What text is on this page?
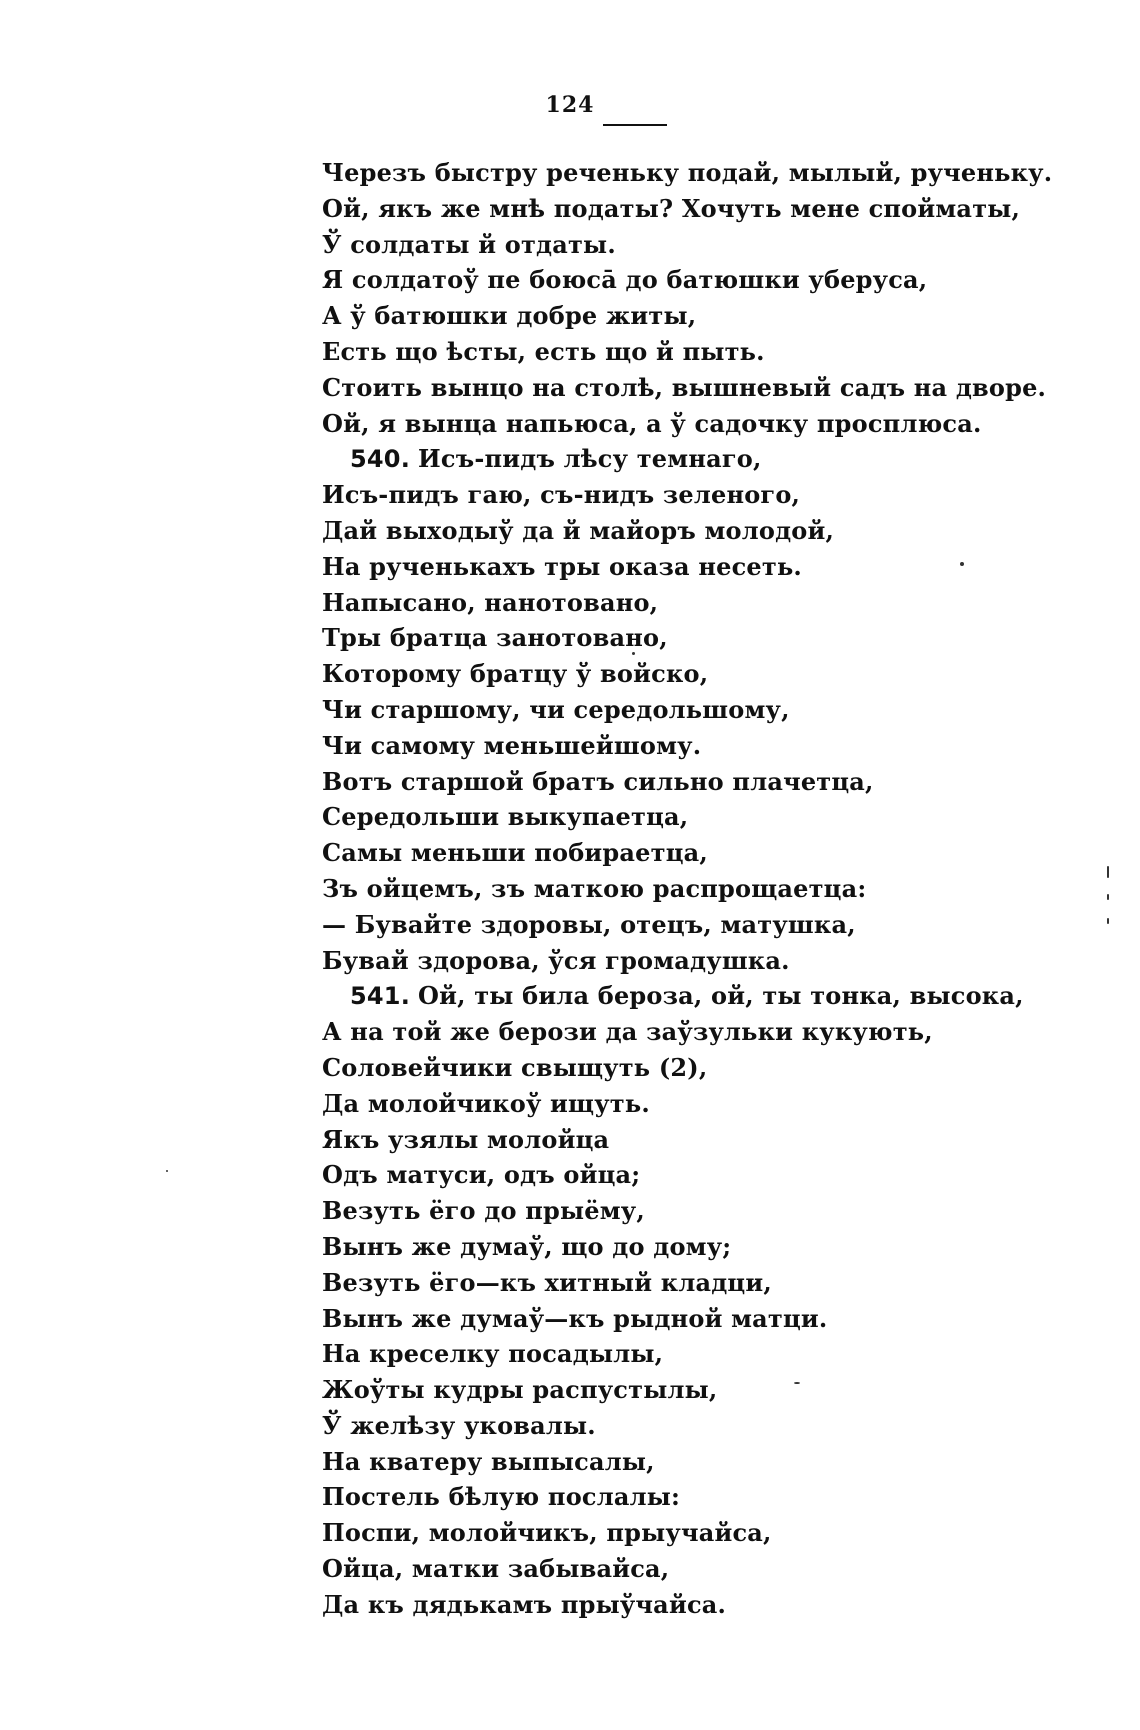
124
Черезъ быстру реченьку подай, мылый, рученьку.
Ой, якъ же мнѣ податы? Хочуть мене спойматы,
Ў солдаты й отдаты.
Я солдатоў пе боюса̄ до батюшки уберуса,
А ў батюшки добре житы,
Есть що ѣсты, есть що й пыть.
Стоить вынцо на столѣ, вышневый садъ на дворе.
Ой, я вынца напьюса, а ў садочку просплюса.
540. Исъ-пидъ лѣсу темнаго,
Исъ-пидъ гаю, съ-нидъ зеленого,
Дай выходыў да й майоръ молодой,
На рученькахъ тры оказа несеть.
Напысано, нанотовано,
Тры братца занотовано,
Которому братцу ў войско,
Чи старшому, чи середольшому,
Чи самому меньшейшому.
Вотъ старшой братъ сильно плачетца,
Середольши выкупаетца,
Самы меньши побираетца,
Зъ ойцемъ, зъ маткою распрощаетца:
— Бувайте здоровы, отецъ, матушка,
Бувай здорова, ўся громадушка.
541. Ой, ты била бероза, ой, ты тонка, высока,
А на той же берози да заўзульки кукують,
Соловейчики свыщуть (2),
Да молойчикоў ищуть.
Якъ узялы молойца
Одъ матуси, одъ ойца;
Везуть ёго до прыёму,
Вынъ же думаў, що до дому;
Везуть ёго—къ хитный кладци,
Вынъ же думаў—къ рыдной матци.
На креселку посадылы,
Жоўты кудры распустылы,
Ў желѣзу уковалы.
На кватеру выпысалы,
Постель бѣлую послалы:
Поспи, молойчикъ, прыучайса,
Ойца, матки забывайса,
Да къ дядькамъ прыўчайса.
